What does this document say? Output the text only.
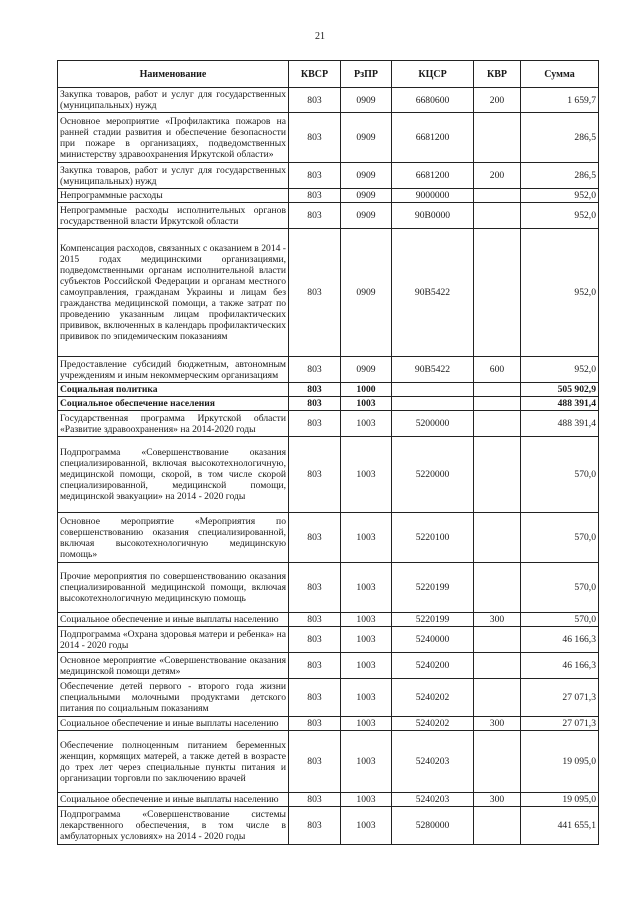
21
Наименование	КВСР	РзПР	КЦСР	КВР	Сумма
Закупка товаров, работ и услуг для государственных (муниципальных) нужд	803	0909	6680600	200	1 659,7
Основное мероприятие «Профилактика пожаров на ранней стадии развития и обеспечение безопасности при пожаре в организациях, подведомственных министерству здравоохранения Иркутской области»	803	0909	6681200		286,5
Закупка товаров, работ и услуг для государственных (муниципальных) нужд	803	0909	6681200	200	286,5
Непрограммные расходы	803	0909	9000000		952,0
Непрограммные расходы исполнительных органов государственной власти Иркутской области	803	0909	90В0000		952,0
Компенсация расходов, связанных с оказанием в 2014 - 2015 годах медицинскими организациями, подведомственными органам исполнительной власти субъектов Российской Федерации и органам местного самоуправления, гражданам Украины и лицам без гражданства медицинской помощи, а также затрат по проведению указанным лицам профилактических прививок, включенных в календарь профилактических прививок по эпидемическим показаниям	803	0909	90В5422		952,0
Предоставление субсидий бюджетным, автономным учреждениям и иным некоммерческим организациям	803	0909	90В5422	600	952,0
Социальная политика	803	1000			505 902,9
Социальное обеспечение населения	803	1003			488 391,4
Государственная программа Иркутской области «Развитие здравоохранения» на 2014-2020 годы	803	1003	5200000		488 391,4
Подпрограмма «Совершенствование оказания специализированной, включая высокотехнологичную, медицинской помощи, скорой, в том числе скорой специализированной, медицинской помощи, медицинской эвакуации» на 2014 - 2020 годы	803	1003	5220000		570,0
Основное мероприятие «Мероприятия по совершенствованию оказания специализированной, включая высокотехнологичную медицинскую помощь»	803	1003	5220100		570,0
Прочие мероприятия по совершенствованию оказания специализированной медицинской помощи, включая высокотехнологичную медицинскую помощь	803	1003	5220199		570,0
Социальное обеспечение и иные выплаты населению	803	1003	5220199	300	570,0
Подпрограмма «Охрана здоровья матери и ребенка» на 2014 - 2020 годы	803	1003	5240000		46 166,3
Основное мероприятие «Совершенствование оказания медицинской помощи детям»	803	1003	5240200		46 166,3
Обеспечение детей первого - второго года жизни специальными молочными продуктами детского питания по социальным показаниям	803	1003	5240202		27 071,3
Социальное обеспечение и иные выплаты населению	803	1003	5240202	300	27 071,3
Обеспечение полноценным питанием беременных женщин, кормящих матерей, а также детей в возрасте до трех лет через специальные пункты питания и организации торговли по заключению врачей	803	1003	5240203		19 095,0
Социальное обеспечение и иные выплаты населению	803	1003	5240203	300	19 095,0
Подпрограмма «Совершенствование системы лекарственного обеспечения, в том числе в амбулаторных условиях» на 2014 - 2020 годы	803	1003	5280000		441 655,1
